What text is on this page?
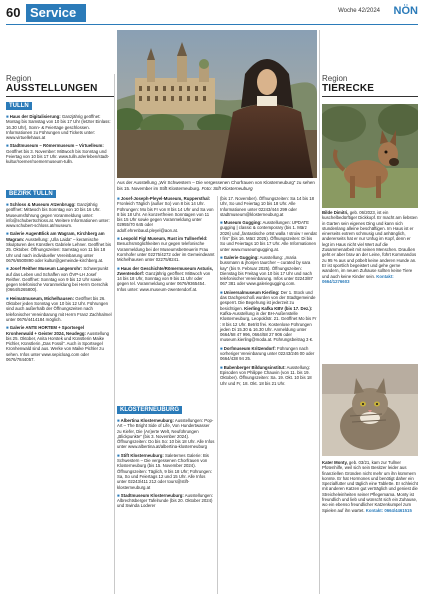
60 Service	Woche 42/2024 NÖN
Region
AUSSTELLUNGEN
TULLN
■ Haus der Digitalisierung: Ganzjährig geöffnet: Montag bis Samstag von 10 bis 17 Uhr (letzter Einlass: 16.30 Uhr), Sonn- & Feiertage geschlossen. Informationen zu Führungen und Tickets unter: www.virtuellehaus.at
■ Stadtmuseum – Römermuseum – Virtuelleum: Geöffnet bis 3. November: Mittwoch bis Sonntag und Feiertag von 10 bis 17 Uhr. www.tulln.at/erleben/stadt-kultur/roemer/roemermuseum-tulln.
BEZIRK TULLN
■ Schloss & Museum Atzenbrugg: Ganzjährig geöffnet: Mittwoch bis Sonntag von 10 bis 16 Uhr. Museumsführung gegen Voranmeldung unter: info@schubertschloss.at. Weitere Informationen unter: www.schubert-schloss.at/museum.
■ Galerie AugenBlick am Wagram, Kirchberg am Wagram: Ausstellung: „Ulla Laida“ – keramische Skulpturen des Künstlers Gabriele Lehner. Geöffnet bis 25. Oktober. Öffnungszeiten: Samstag von 11 bis 18 Uhr und nach individueller Vereinbarung unter 0676/6500890 oder kultur@gemeinde-kirchberg.at.
■ Josef Reither Museum Langenrohr: Schwerpunkt auf das Leben und Schaffen von ÖVP-LH Josef Reither. Geöffnet: Sonntag von 9 bis 12 Uhr sowie gegen telefonische Voranmeldung bei Herrn Gerschik (0664/5265800).
■ Heimatmuseum, Michelhausen: Geöffnet bis 26. Oktober jeden Sonntag von 10 bis 12 Uhr. Führungen sind auch außerhalb der Öffnungszeiten nach telefonischer Vereinbarung mit Herrn Franz Zachhalmel unter 0676/4414184 möglich.
■ Galerie ANTE HORTEM + Sportsegel Kronhenwald + Geister 2024, Neudegg: Ausstellung bis 25. Oktober, Anita Horstek und Künstlerin Maike Pichler, Künstlerin „Das Fossil“. Auch in Sportsegel Kronhenwald sind aus. Werke von Maike Pichler zu sehen. Infos unter www.sepicloag.com oder 0676/7844057.
Aus der Ausstellung „Wir Schwestern – Die vergessenen Chorfrauen von Klosterneuburg“ zu sehen bis 15. November im Stift Klosterneuburg. Foto: Stift Klosterneuburg
■ Josef-Joseph-Pleyel-Museum, Ruppersthal: Fronleich Täglich (außer So) von 8 bis 14 Uhr. Führungen: Mo bis Fr von 8 bis 14 Uhr und Sa von 8 bis 18 Uhr. An konzertfreien Sonntagen von 11 bis 15 Uhr sowie gegen Voranmeldung unter 02955/70 645 oder adolf.ehrenbaud.pleyel@aon.at.
■ Leopold Figl Museum, Rust im Tullnerfeld: Besuchsmöglichkeiten nur gegen telefonische Voranmeldung bei der Museumsbetreuerin Frau Kornhofer unter 02275/4272 oder im Gemeindeamt Michelhausen unter 02275/8241.
■ Haus der Geschichte/Römermuseum Asturis, Zwentendorf: Ganzjährig geöffnet: Mittwoch von 14 bis 18 Uhr, Sonntag von 9 bis 11 Uhr oder gegen tel. Voranmeldung unter 0676/9365454. Infos unter: www.museum-zwentendorf.at.
KLOSTERNEUBURG
■ Albertina Klosterneuburg: Ausstellungen: Pop-Art – The Bright Side of Life, Von Hundertwasser zu Kiefer, Die (An)erte Welt, Neuführungen „Blickpunkte“ (bis 3. November 2024). Öffnungszeiten: Do bis So: 10 bis 18 Uhr. Alle Infos unter www.albertina.at/albertina-klosterneuburg
■ Stift Klosterneuburg: Saleternes Galerie: Bis Schwestern – Die vergessenen Chorfrauen von Klosterneuburg (bis 15. November 2024). Öffnungszeiten: Täglich, 9 bis 18 Uhr; Führungen: Sa, So und Feiertags 12 und 15 Uhr. Alle Infos unter 02243/411 212 oder tours@stift-klosterneuburg.at
■ Stadtmuseum Klosterneuburg: Ausstellungen: Albrechtsberger Tafelrunde (bis 20. Oktober 2024) und Swinda Loderer
(bis 17. November). Öffnungszeiten: Sa 14 bis 18 Uhr, So und Feiertag 10 bis 18 Uhr. Alle Informationen unter 02243/444 299 oder stadtmuseum@klosterneuburg.at
■ Museum Gugging: Ausstellungen: UPDATE gugging | classic & contemporary (bis 1. März 2026) und „fantastische ortst walla ! stroiw ! vendat ! firs“ (bis 16. März 2025). Öffnungszeiten: Di bis So und Feiertags 10 bis 17 Uhr. Alle Informationen unter www.museumgugging.at.
■ Galerie Gugging: Ausstellung: „maria bussmann & jhonjen taurcher – curated by sara kay“ (bis 9. Februar 2025). Öffnungszeiten: Dienstag bis Freitag von 10 bis 17 Uhr und nach telefonischer Vereinbarung. Infos unter 02243/87 067 381 oder www.galeriegugging.com.
■ Universalmuseum Kierling: Der 1. Stock und das Dachgeschoß wurden von der Stadtgemeinde gesperrt. Die Begehung ist jederzeit zu besichtigen. Kierling Kafka KBV (bis 17. Dez.): Kafka-Ausstellung in der BH-Außenstelle Klosterneuburg, Leopoldstr. 21. Geöffnet Mo bis Fr : 8 bis 12 Uhr. Betritt frei. Kostenlose Führungen jeden Di 15.30 & 16.30 Uhr. Anmeldung unter 0664/58 47 996, 0664/58 27 906 oder museum.kierling@moda.at. Führungsbeitrag 3 €.
■ Dorfmuseum Kritzendorf: Führungen nach vorheriger Vereinbarung unter 02243/246 00 oder 0664/438 94 25.
■ Babenberger Bildungsinstitut: Ausstellung: Episoden von Philippe Chauvin (von 11. bis 19. Oktober). Öffnungszeiten: Sa. 19. Okt. 10 bis 18 Uhr und Fr, 18. Okt. 18 bis 21 Uhr.
Region
TIERECKE
Bilde Dimitri, geb. 06/2023, ist ein kuschelbedürftiger Dickkopf. Er macht am liebsten in Garten sein eigenes Ding und kann sich stundenlang alleine beschäftigen. Im Haus ist er einerseits extrem schmusig und anhänglich, andererseits hat er nur Unfug im Kopf, denn er legt im Haus nicht viel Wert auf die Zusammenarbeit mit seinen Menschen. Draußen geht er aber brav an der Leine, führt Kommandos zu 95 % aus und pöbelt keine anderen Hunde an. Er ist sportlich begeistert und gehe gerne wandern, im neuen Zuhause sollten keine Tiere und auch keine Kinder sein. Kontakt: 0664/1276603
Kater Monty, geb. 03/21, kam zur Tullner Pfotenhilfe, weil sich sein Besitzer leider aus finanziellen Gründen nicht mehr um ihn kümmern konnte. Er hat Hormones und benötigt daher ein Spezialfutter und täglich eine Tablette. Er schleicht mit anderen Katzen gut verträglich und geniest die Streicheleinheiten seiner Pflegemama. Monty ist freundlich und lieb und wünscht sich ein Zuhause, wo ein ebenso freundlicher Katzenkumpel zum Spielen auf ihn wartet. Kontakt: 0664/4461515
